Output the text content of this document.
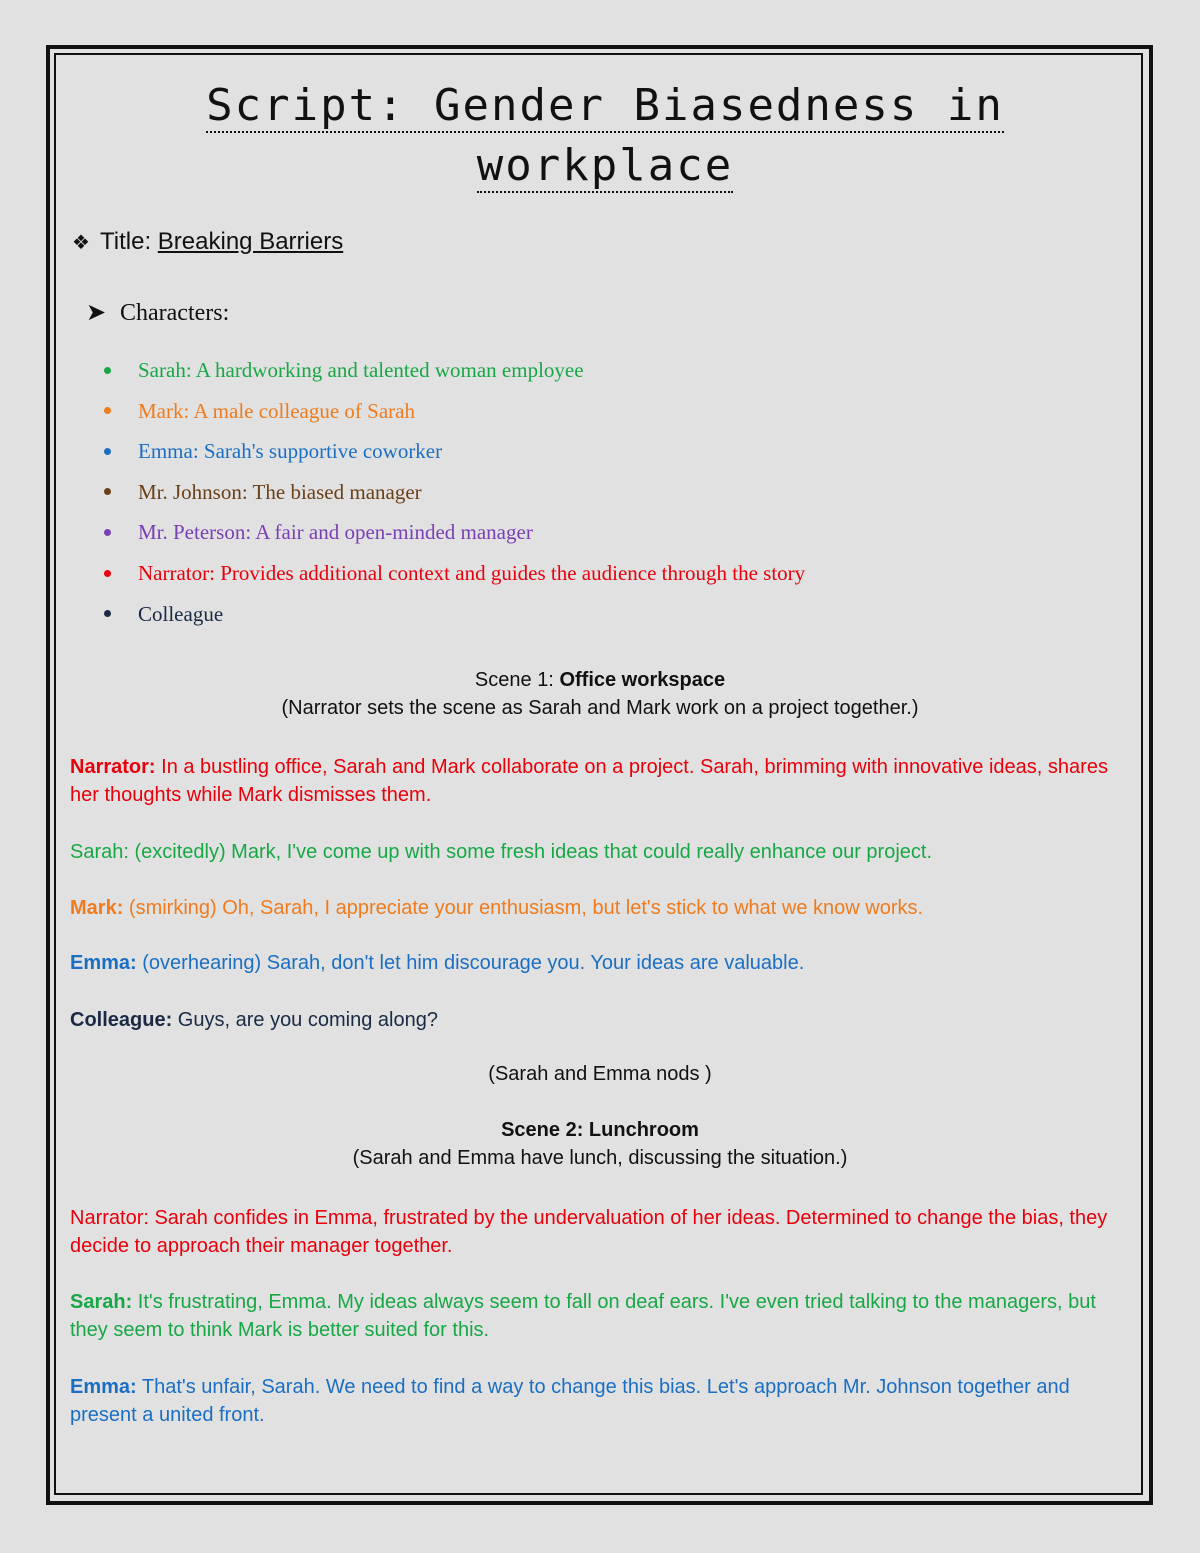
Script: Gender Biasedness in
workplace
❖ Title: Breaking Barriers
➤ Characters:
Sarah: A hardworking and talented woman employee
Mark: A male colleague of Sarah
Emma: Sarah's supportive coworker
Mr. Johnson: The biased manager
Mr. Peterson: A fair and open-minded manager
Narrator: Provides additional context and guides the audience through the story
Colleague
Scene 1: Office workspace
(Narrator sets the scene as Sarah and Mark work on a project together.)
Narrator: In a bustling office, Sarah and Mark collaborate on a project. Sarah, brimming with innovative ideas, shares her thoughts while Mark dismisses them.
Sarah: (excitedly) Mark, I've come up with some fresh ideas that could really enhance our project.
Mark: (smirking) Oh, Sarah, I appreciate your enthusiasm, but let's stick to what we know works.
Emma: (overhearing) Sarah, don't let him discourage you. Your ideas are valuable.
Colleague: Guys, are you coming along?
(Sarah and Emma nods )
Scene 2: Lunchroom
(Sarah and Emma have lunch, discussing the situation.)
Narrator: Sarah confides in Emma, frustrated by the undervaluation of her ideas. Determined to change the bias, they decide to approach their manager together.
Sarah: It's frustrating, Emma. My ideas always seem to fall on deaf ears. I've even tried talking to the managers, but they seem to think Mark is better suited for this.
Emma: That's unfair, Sarah. We need to find a way to change this bias. Let's approach Mr. Johnson together and present a united front.
